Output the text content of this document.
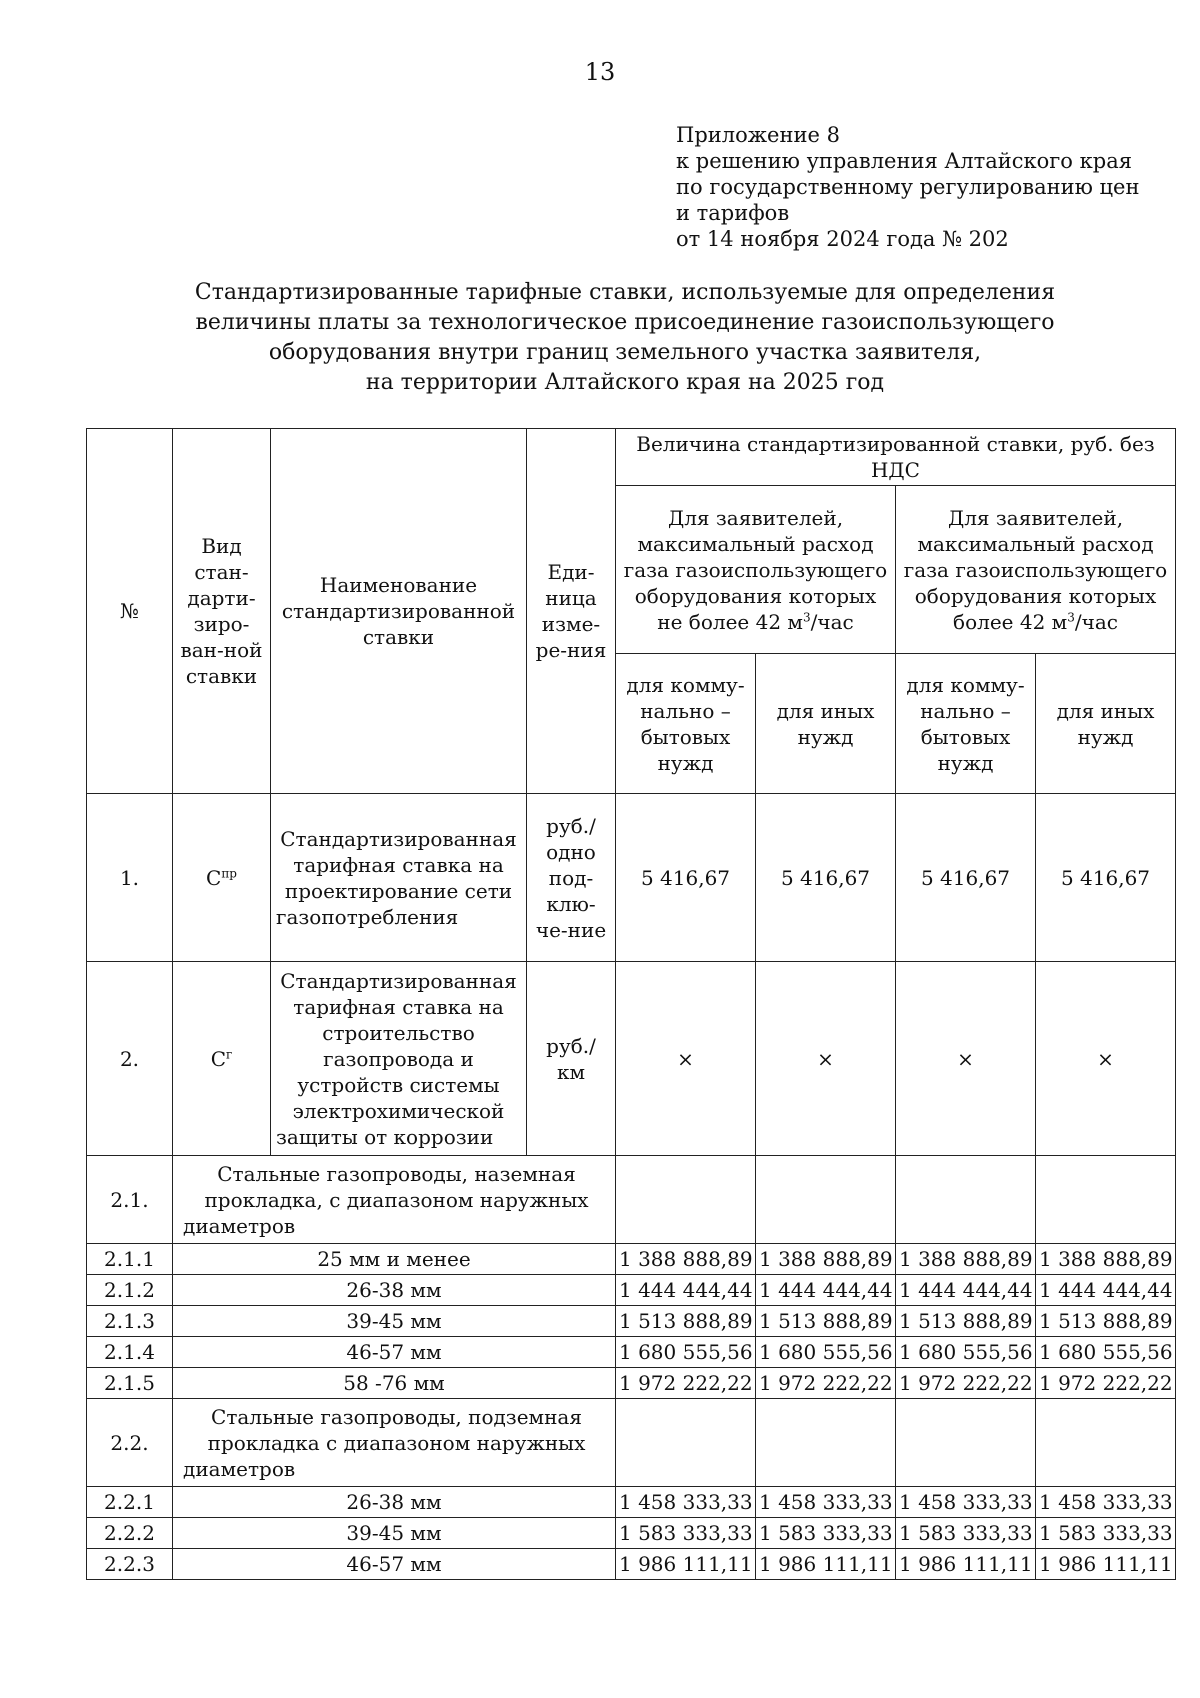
13
Приложение 8
к решению управления Алтайского края
по государственному регулированию цен
и тарифов
от 14 ноября 2024 года № 202
Стандартизированные тарифные ставки, используемые для определения
величины платы за технологическое присоединение газоиспользующего
оборудования внутри границ земельного участка заявителя,
на территории Алтайского края на 2025 год
№	Вид стан-дарти-зиро-ван-ной ставки	Наименование стандартизированной ставки	Еди-ница изме-ре-ния	Величина стандартизированной ставки, руб. без НДС			
				Для заявителей, максимальный расход газа газоиспользующего оборудования которых не более 42 $м^3$/час		Для заявителей, максимальный расход газа газоиспользующего оборудования которых более 42 $м^3$/час	
				для комму-нально – бытовых нужд	для иных нужд	для комму-нально – бытовых нужд	для иных нужд
1.	$С^{пр}$	Стандартизированная тарифная ставка на проектирование сети газопотребления	руб./ одно под-клю-че-ние	5 416,67	5 416,67	5 416,67	5 416,67
2.	$С^г$	Стандартизированная тарифная ставка на строительство газопровода и устройств системы электрохимической защиты от коррозии	руб./ км	×	×	×	×
2.1.	Стальные газопроводы, наземная прокладка, с диапазоном наружных диаметров						
2.1.1	25 мм и менее			1 388 888,89	1 388 888,89	1 388 888,89	1 388 888,89
2.1.2	26-38 мм			1 444 444,44	1 444 444,44	1 444 444,44	1 444 444,44
2.1.3	39-45 мм			1 513 888,89	1 513 888,89	1 513 888,89	1 513 888,89
2.1.4	46-57 мм			1 680 555,56	1 680 555,56	1 680 555,56	1 680 555,56
2.1.5	58 -76 мм			1 972 222,22	1 972 222,22	1 972 222,22	1 972 222,22
2.2.	Стальные газопроводы, подземная прокладка с диапазоном наружных диаметров						
2.2.1	26-38 мм			1 458 333,33	1 458 333,33	1 458 333,33	1 458 333,33
2.2.2	39-45 мм			1 583 333,33	1 583 333,33	1 583 333,33	1 583 333,33
2.2.3	46-57 мм			1 986 111,11	1 986 111,11	1 986 111,11	1 986 111,11
